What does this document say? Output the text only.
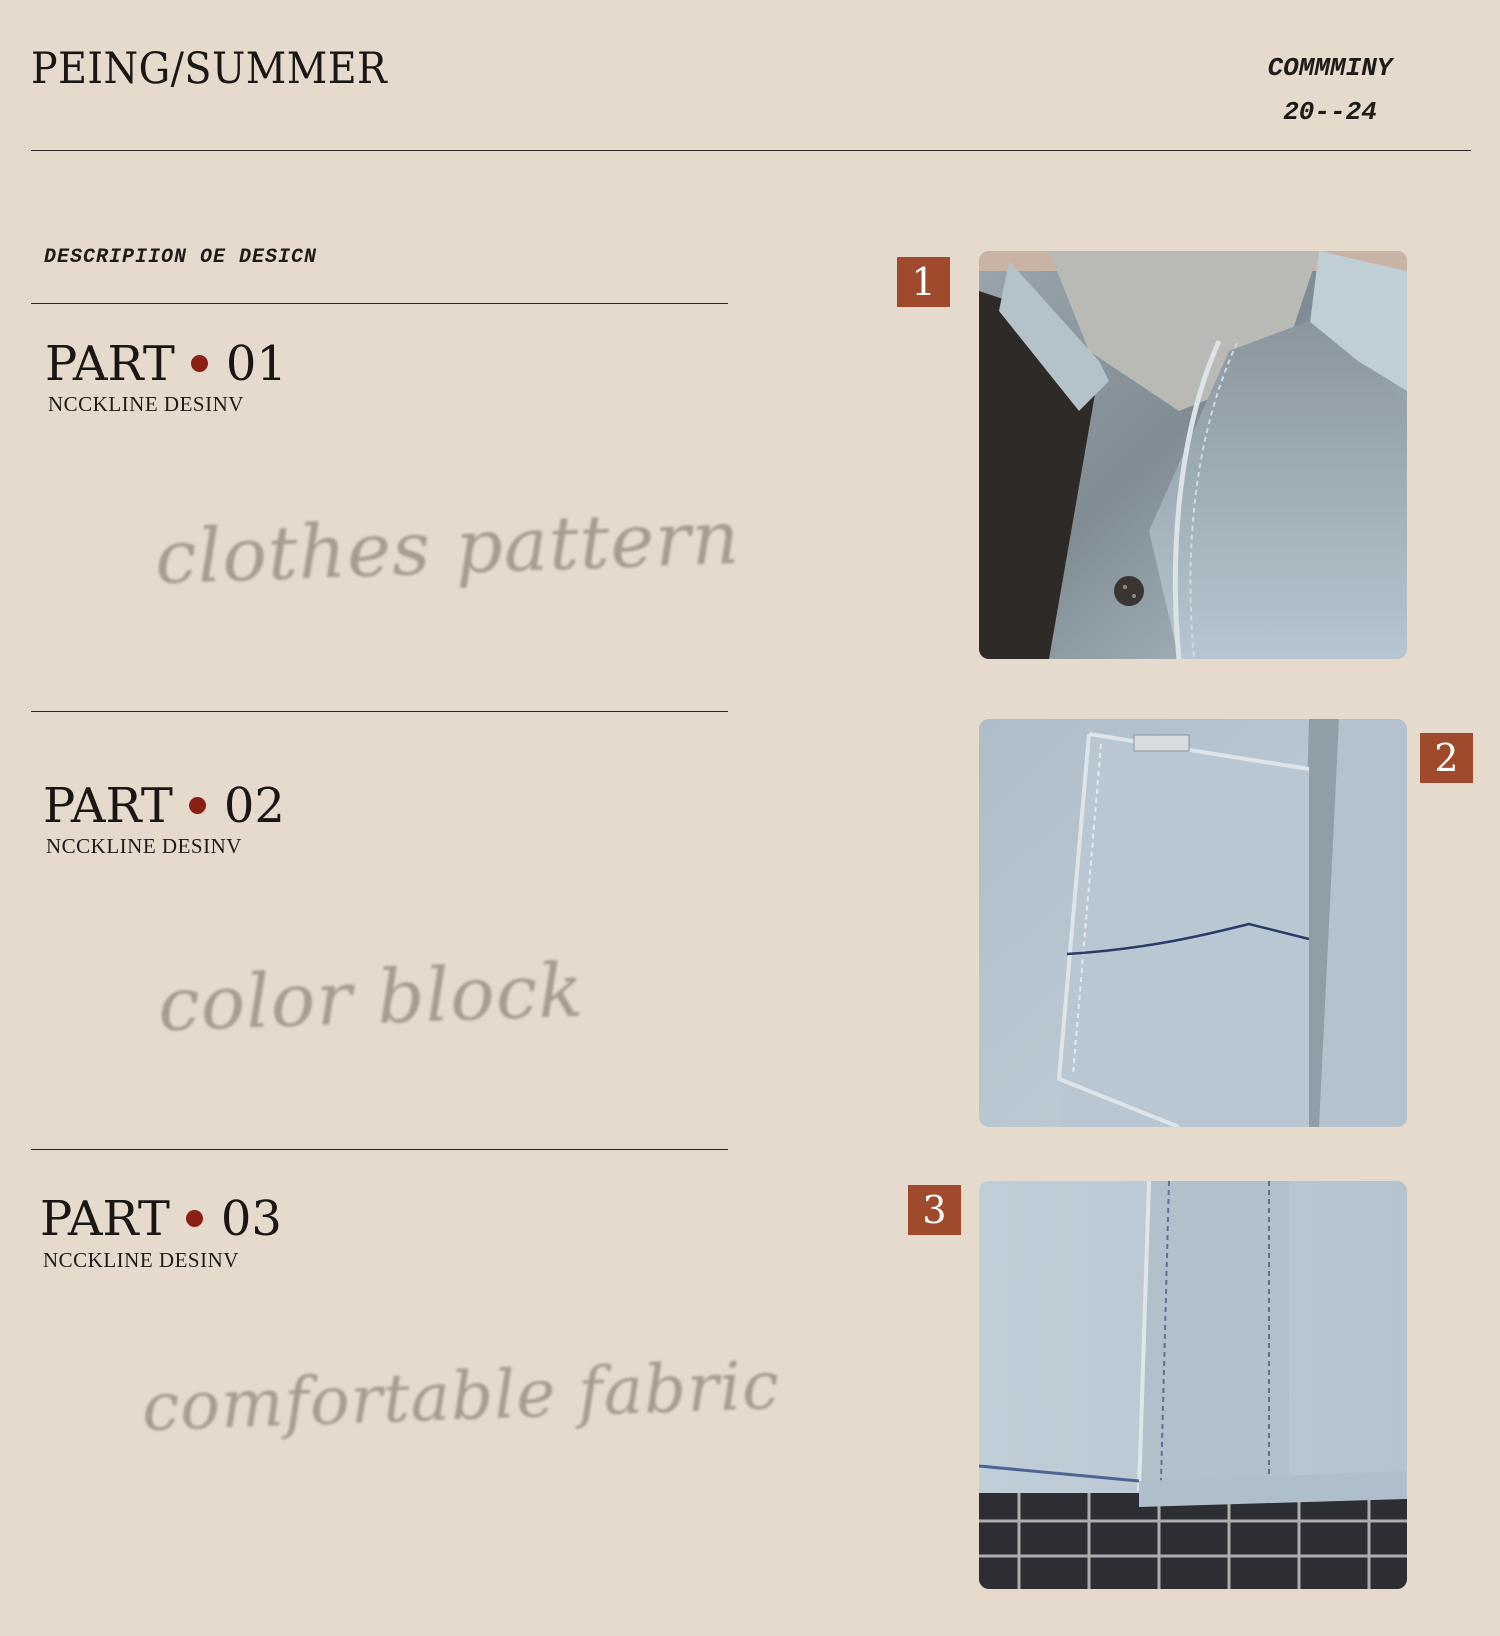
PEING/SUMMER	COMMMINY
20--24
DESCRIPIION OE DESICN
PART 01
NCCKLINE DESINV
clothes pattern
PART 02
NCCKLINE DESINV
color block
PART 03
NCCKLINE DESINV
comfortable fabric
1
2
3
